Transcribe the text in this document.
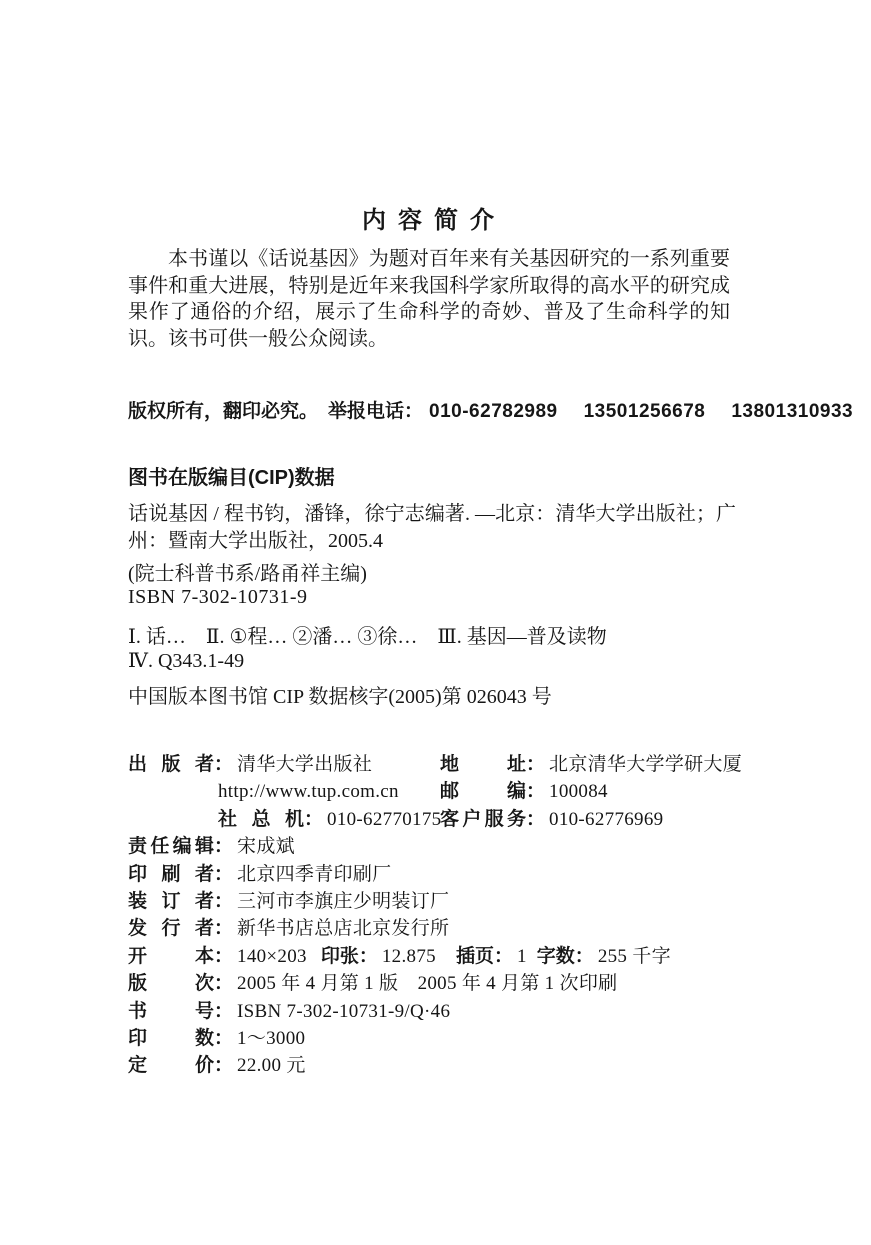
内容简介
本书谨以《话说基因》为题对百年来有关基因研究的一系列重要事件和重大进展，特别是近年来我国科学家所取得的高水平的研究成果作了通俗的介绍，展示了生命科学的奇妙、普及了生命科学的知识。该书可供一般公众阅读。
版权所有，翻印必究。 举报电话： 010-62782989 13501256678 13801310933
图书在版编目(CIP)数据
话说基因 / 程书钧，潘锋，徐宁志编著. —北京：清华大学出版社；广州：暨南大学出版社，2005.4
(院士科普书系/路甬祥主编)
ISBN 7-302-10731-9
Ⅰ. 话…　Ⅱ. ①程… ②潘… ③徐…　Ⅲ. 基因—普及读物
Ⅳ. Q343.1-49
中国版本图书馆 CIP 数据核字(2005)第 026043 号
出版者 ： 清华大学出版社	地址 ： 北京清华大学学研大厦
http://www.tup.com.cn 邮编 ： 100084
社总机 ： 010-62770175
客户服务 ： 010-62776969
责任编辑 ： 宋成斌
印刷者 ： 北京四季青印刷厂
装订者 ： 三河市李旗庄少明装订厂
发行者 ： 新华书店总店北京发行所
开本 ： 140×203 印张 ： 12.875 插页 ： 1 字数 ： 255 千字
版次 ： 2005 年 4 月第 1 版　2005 年 4 月第 1 次印刷
书号 ： ISBN 7-302-10731-9/Q·46
印数 ： 1～3000
定价 ： 22.00 元
